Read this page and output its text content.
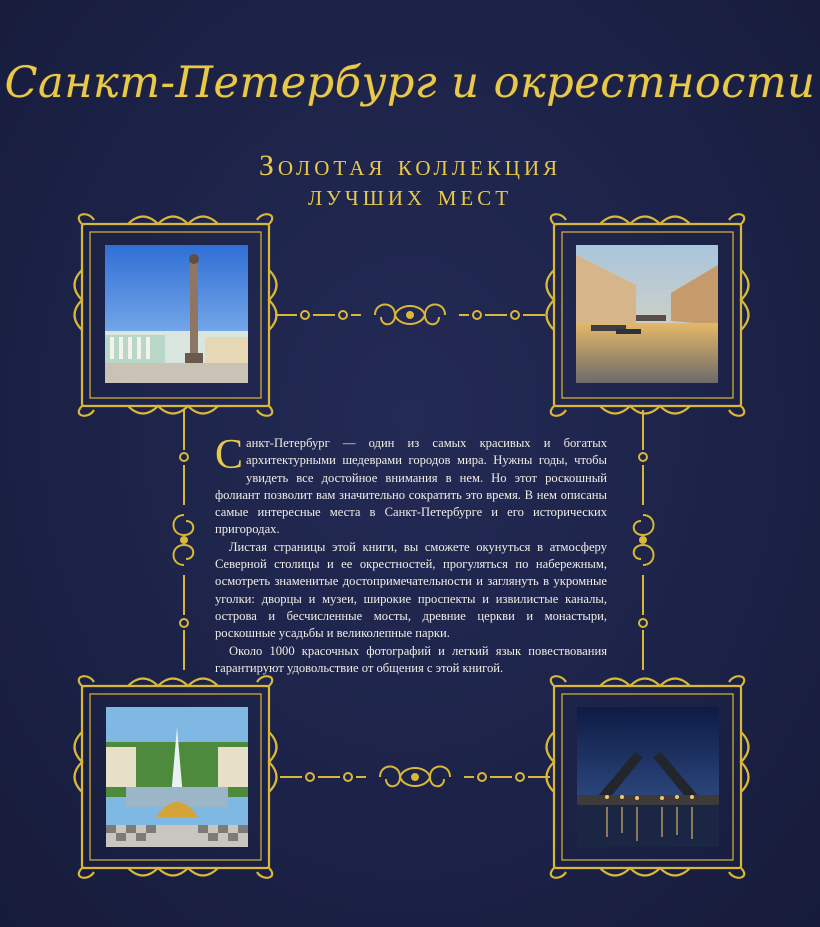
Санкт-Петербург и окрестности
Золотая коллекция
лучших мест

Санкт-Петербург — один из самых красивых и богатых архитектурными шедеврами городов мира. Нужны годы, чтобы увидеть все достойное внимания в нем. Но этот роскошный фолиант позволит вам значительно сократить это время. В нем описаны самые интересные места в Санкт-Петербурге и его исторических пригородах.

Листая страницы этой книги, вы сможете окунуться в атмосферу Северной столицы и ее окрестностей, прогуляться по набережным, осмотреть знаменитые достопримечательности и заглянуть в укромные уголки: дворцы и музеи, широкие проспекты и извилистые каналы, острова и бесчисленные мосты, древние церкви и монастыри, роскошные усадьбы и великолепные парки.

Около 1000 красочных фотографий и легкий язык повествования гарантируют удовольствие от общения с этой книгой.
